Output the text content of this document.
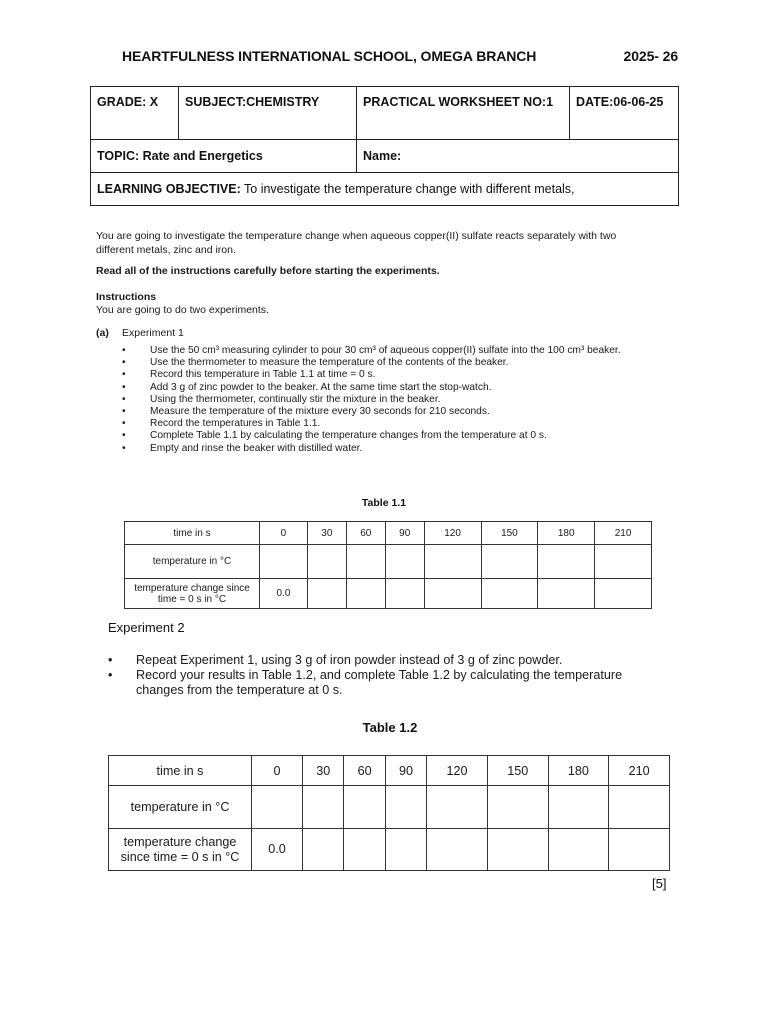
HEARTFULNESS INTERNATIONAL SCHOOL, OMEGA BRANCH	2025- 26
GRADE: X	SUBJECT:CHEMISTRY	PRACTICAL WORKSHEET NO:1	DATE:06-06-25
TOPIC: Rate and Energetics		Name:	
LEARNING OBJECTIVE: To investigate the temperature change with different metals,			
You are going to investigate the temperature change when aqueous copper(II) sulfate reacts separately with two different metals, zinc and iron.
Read all of the instructions carefully before starting the experiments.
Instructions
You are going to do two experiments.
(a) Experiment 1
• Use the 50 cm³ measuring cylinder to pour 30 cm³ of aqueous copper(II) sulfate into the 100 cm³ beaker.
• Use the thermometer to measure the temperature of the contents of the beaker.
• Record this temperature in Table 1.1 at time = 0 s.
• Add 3 g of zinc powder to the beaker. At the same time start the stop-watch.
• Using the thermometer, continually stir the mixture in the beaker.
• Measure the temperature of the mixture every 30 seconds for 210 seconds.
• Record the temperatures in Table 1.1.
• Complete Table 1.1 by calculating the temperature changes from the temperature at 0 s.
• Empty and rinse the beaker with distilled water.
Table 1.1
time in s	0	30	60	90	120	150	180	210
temperature in °C								
temperature change since time = 0 s in °C	0.0							
Experiment 2
• Repeat Experiment 1, using 3 g of iron powder instead of 3 g of zinc powder.
• Record your results in Table 1.2, and complete Table 1.2 by calculating the temperature changes from the temperature at 0 s.
Table 1.2
time in s	0	30	60	90	120	150	180	210
temperature in °C								
temperature change since time = 0 s in °C	0.0							
[5]
